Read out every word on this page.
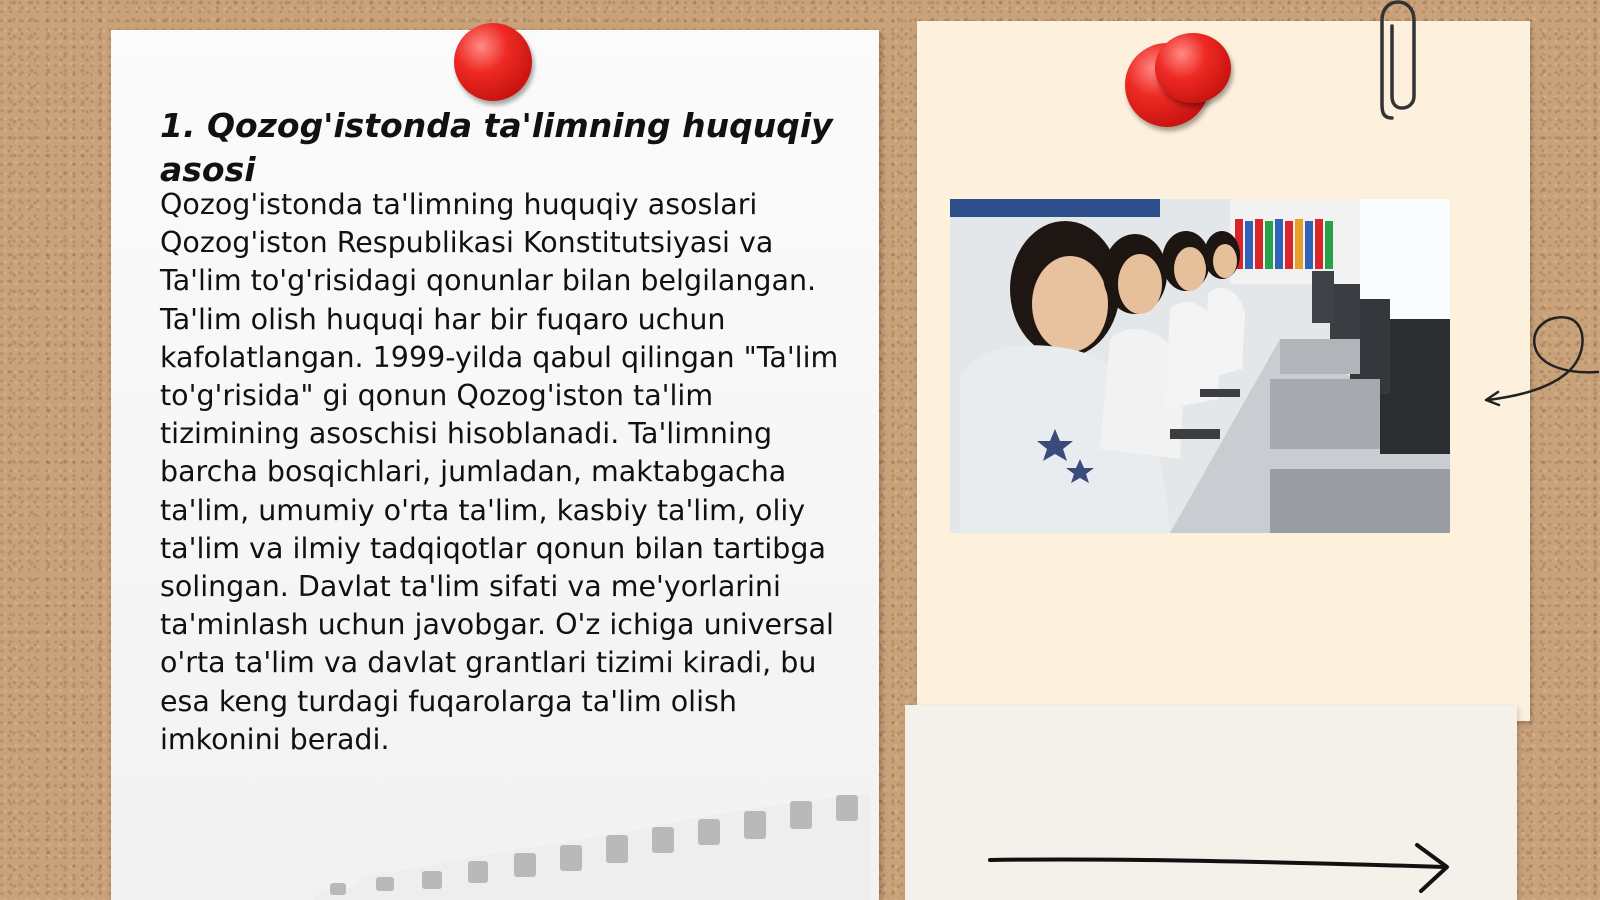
1. Qozog'istonda ta'limning huquqiy asosi

Qozog'istonda ta'limning huquqiy asoslari Qozog'iston Respublikasi Konstitutsiyasi va Ta'lim to'g'risidagi qonunlar bilan belgilangan. Ta'lim olish huquqi har bir fuqaro uchun kafolatlangan. 1999-yilda qabul qilingan "Ta'lim to'g'risida" gi qonun Qozog'iston ta'lim tizimining asoschisi hisoblanadi. Ta'limning barcha bosqichlari, jumladan, maktabgacha ta'lim, umumiy o'rta ta'lim, kasbiy ta'lim, oliy ta'lim va ilmiy tadqiqotlar qonun bilan tartibga solingan. Davlat ta'lim sifati va me'yorlarini ta'minlash uchun javobgar. O'z ichiga universal o'rta ta'lim va davlat grantlari tizimi kiradi, bu esa keng turdagi fuqarolarga ta'lim olish imkonini beradi.
